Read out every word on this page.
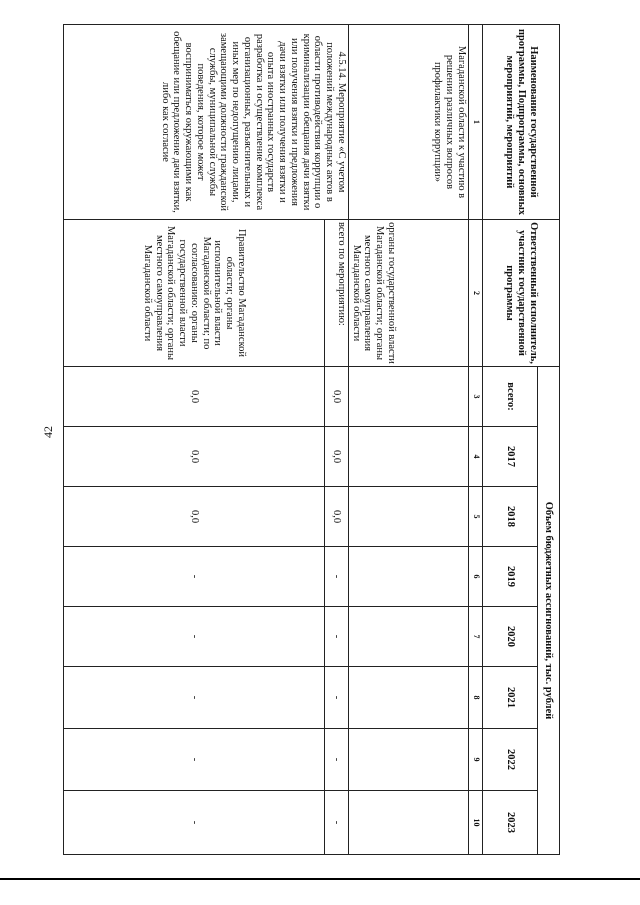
42
Наименование государственной программы, Подпрограммы, основных мероприятий, мероприятий	Ответственный исполнитель, участник государственной программы	Объем бюджетных ассигнований, тыс. рублей							
		всего:	2017	2018	2019	2020	2021	2022	2023
1	2	3	4	5	6	7	8	9	10
Магаданской области к участию в решении различных вопросов профилактики коррупции»	органы государственной власти Магаданской области; органы местного самоуправления Магаданской области								
4.5.14. Мероприятие «С учетом положений международных актов в области противодействия коррупции о криминализации обещания дачи взятки или получения взятки и предложения дачи взятки или получения взятки и опыта иностранных государств разработка и осуществление комплекса организационных, разъяснительных и иных мер по недопущению лицами, замещающими должности гражданской службы, муниципальной службы поведения, которое может восприниматься окружающими как обещание или предложение дачи взятки, либо как согласие	всего по мероприятию:	0,0	0,0	0,0	-	-	-	-	-
	Правительство Магаданской области; органы исполнительной власти Магаданской области; по согласованию: органы государственной власти Магаданской области; органы местного самоуправления Магаданской области	0,0	0,0	0,0	-	-	-	-	-
